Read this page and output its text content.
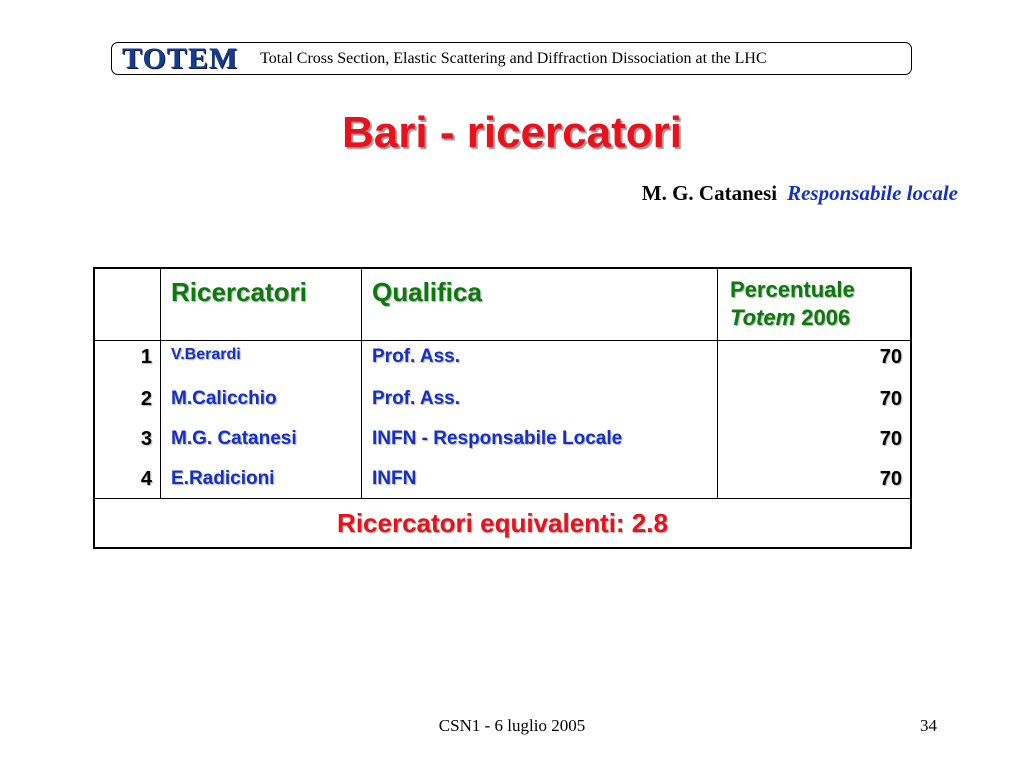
TOTEM Total Cross Section, Elastic Scattering and Diffraction Dissociation at the LHC
Bari - ricercatori
M. G. Catanesi Responsabile locale

	Ricercatori	Qualifica	Percentuale
Totem 2006

1	V.Berardi	Prof. Ass.	70

2	M.Calicchio	Prof. Ass.	70

3	M.G. Catanesi	INFN - Responsabile Locale	70

4	E.Radicioni	INFN	70

Ricercatori equivalenti: 2.8			
CSN1 - 6 luglio 2005	34
